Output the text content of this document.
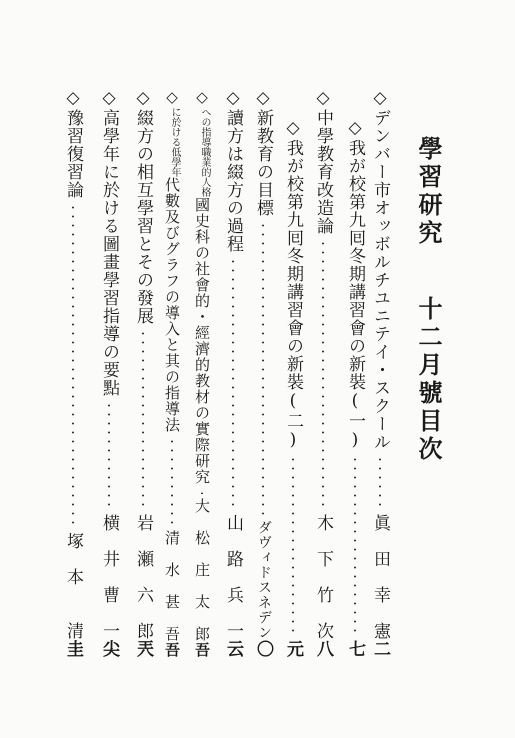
學習研究
十二月號目次
◇
デンバー市オッボルチユニテイ・スクール
眞　田　幸　憲
二
◇
我が校第九囘冬期講習會の新裝(一)
七
◇
中學教育改造論
木　下　竹　次
八
◇
我が校第九囘冬期講習會の新裝(二)
元
◇
新教育の目標
ダヴィドスネデン
〇
◇
讀方は綴方の過程
山　路　兵　一
云
◇
職業的人格
への指導
國史科の社會的・經濟的教材の實際研究
大　松　庄　太　郎
吾
◇
低學年
に於ける
代數及びグラフの導入と其の指導法
清　水　甚　吾
吾
◇
綴方の相互學習とその發展
岩　瀬　六　郎
兲
◇
高學年に於ける圖畫學習指導の要點
横　井　曹　一
尖
◇
豫習復習論
塚　本　　清
圭
